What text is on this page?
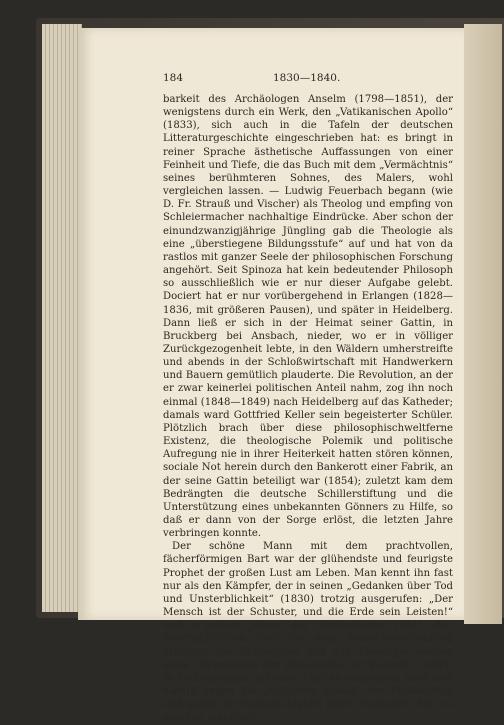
184	1830—1840.

barkeit des Archäologen Anselm (1798—1851), der wenigstens durch ein Werk, den „Vatikanischen Apollo“ (1833), sich auch in die Tafeln der deutschen Litteraturgeschichte eingeschrieben hat: es bringt in reiner Sprache ästhetische Auffassungen von einer Feinheit und Tiefe, die das Buch mit dem „Vermächtnis“ seines berühmteren Sohnes, des Malers, wohl vergleichen lassen. — Ludwig Feuerbach begann (wie D. Fr. Strauß und Vischer) als Theolog und empfing von Schleiermacher nachhaltige Eindrücke. Aber schon der einundzwanzigjährige Jüngling gab die Theologie als eine „überstiegene Bildungsstufe“ auf und hat von da rastlos mit ganzer Seele der philosophischen Forschung angehört. Seit Spinoza hat kein bedeutender Philosoph so ausschließlich wie er nur dieser Aufgabe gelebt. Dociert hat er nur vorübergehend in Erlangen (1828—1836, mit größeren Pausen), und später in Heidelberg. Dann ließ er sich in der Heimat seiner Gattin, in Bruckberg bei Ansbach, nieder, wo er in völliger Zurückgezogenheit lebte, in den Wäldern umherstreifte und abends in der Schloßwirtschaft mit Handwerkern und Bauern gemütlich plauderte. Die Revolution, an der er zwar keinerlei politischen Anteil nahm, zog ihn noch einmal (1848—1849) nach Heidelberg auf das Katheder; damals ward Gottfried Keller sein begeisterter Schüler. Plötzlich brach über diese philosophischweltferne Existenz, die theologische Polemik und politische Aufregung nie in ihrer Heiterkeit hatten stören können, sociale Not herein durch den Bankerott einer Fabrik, an der seine Gattin beteiligt war (1854); zuletzt kam dem Bedrängten die deutsche Schillerstiftung und die Unterstützung eines unbekannten Gönners zu Hilfe, so daß er dann von der Sorge erlöst, die letzten Jahre verbringen konnte.

Der schöne Mann mit dem prachtvollen, fächerförmigen Bart war der glühendste und feurigste Prophet der großen Lust am Leben. Man kennt ihn fast nur als den Kämpfer, der in seinen „Gedanken über Tod und Unsterblichkeit“ (1830) trotzig ausgerufen: „Der Mensch ist der Schuster, und die Erde sein Leisten!“ und in seinem „Wesen des Christentums“ (1841) den übernatürlichen Gott für eine Menschenschöpfung erklärte; alle Philosophie und alle Theologie wollten seine „Grundsätze der Philosophie der Zukunft“ (1843) in Anthropologie auflösen. Aber so bedeutsam auch sein Kampf gegen die „logischen Spiele“ der Philosophen und gegen die Halbgläubigkeit jener Theologen, die „zu glauben glaubten“,
